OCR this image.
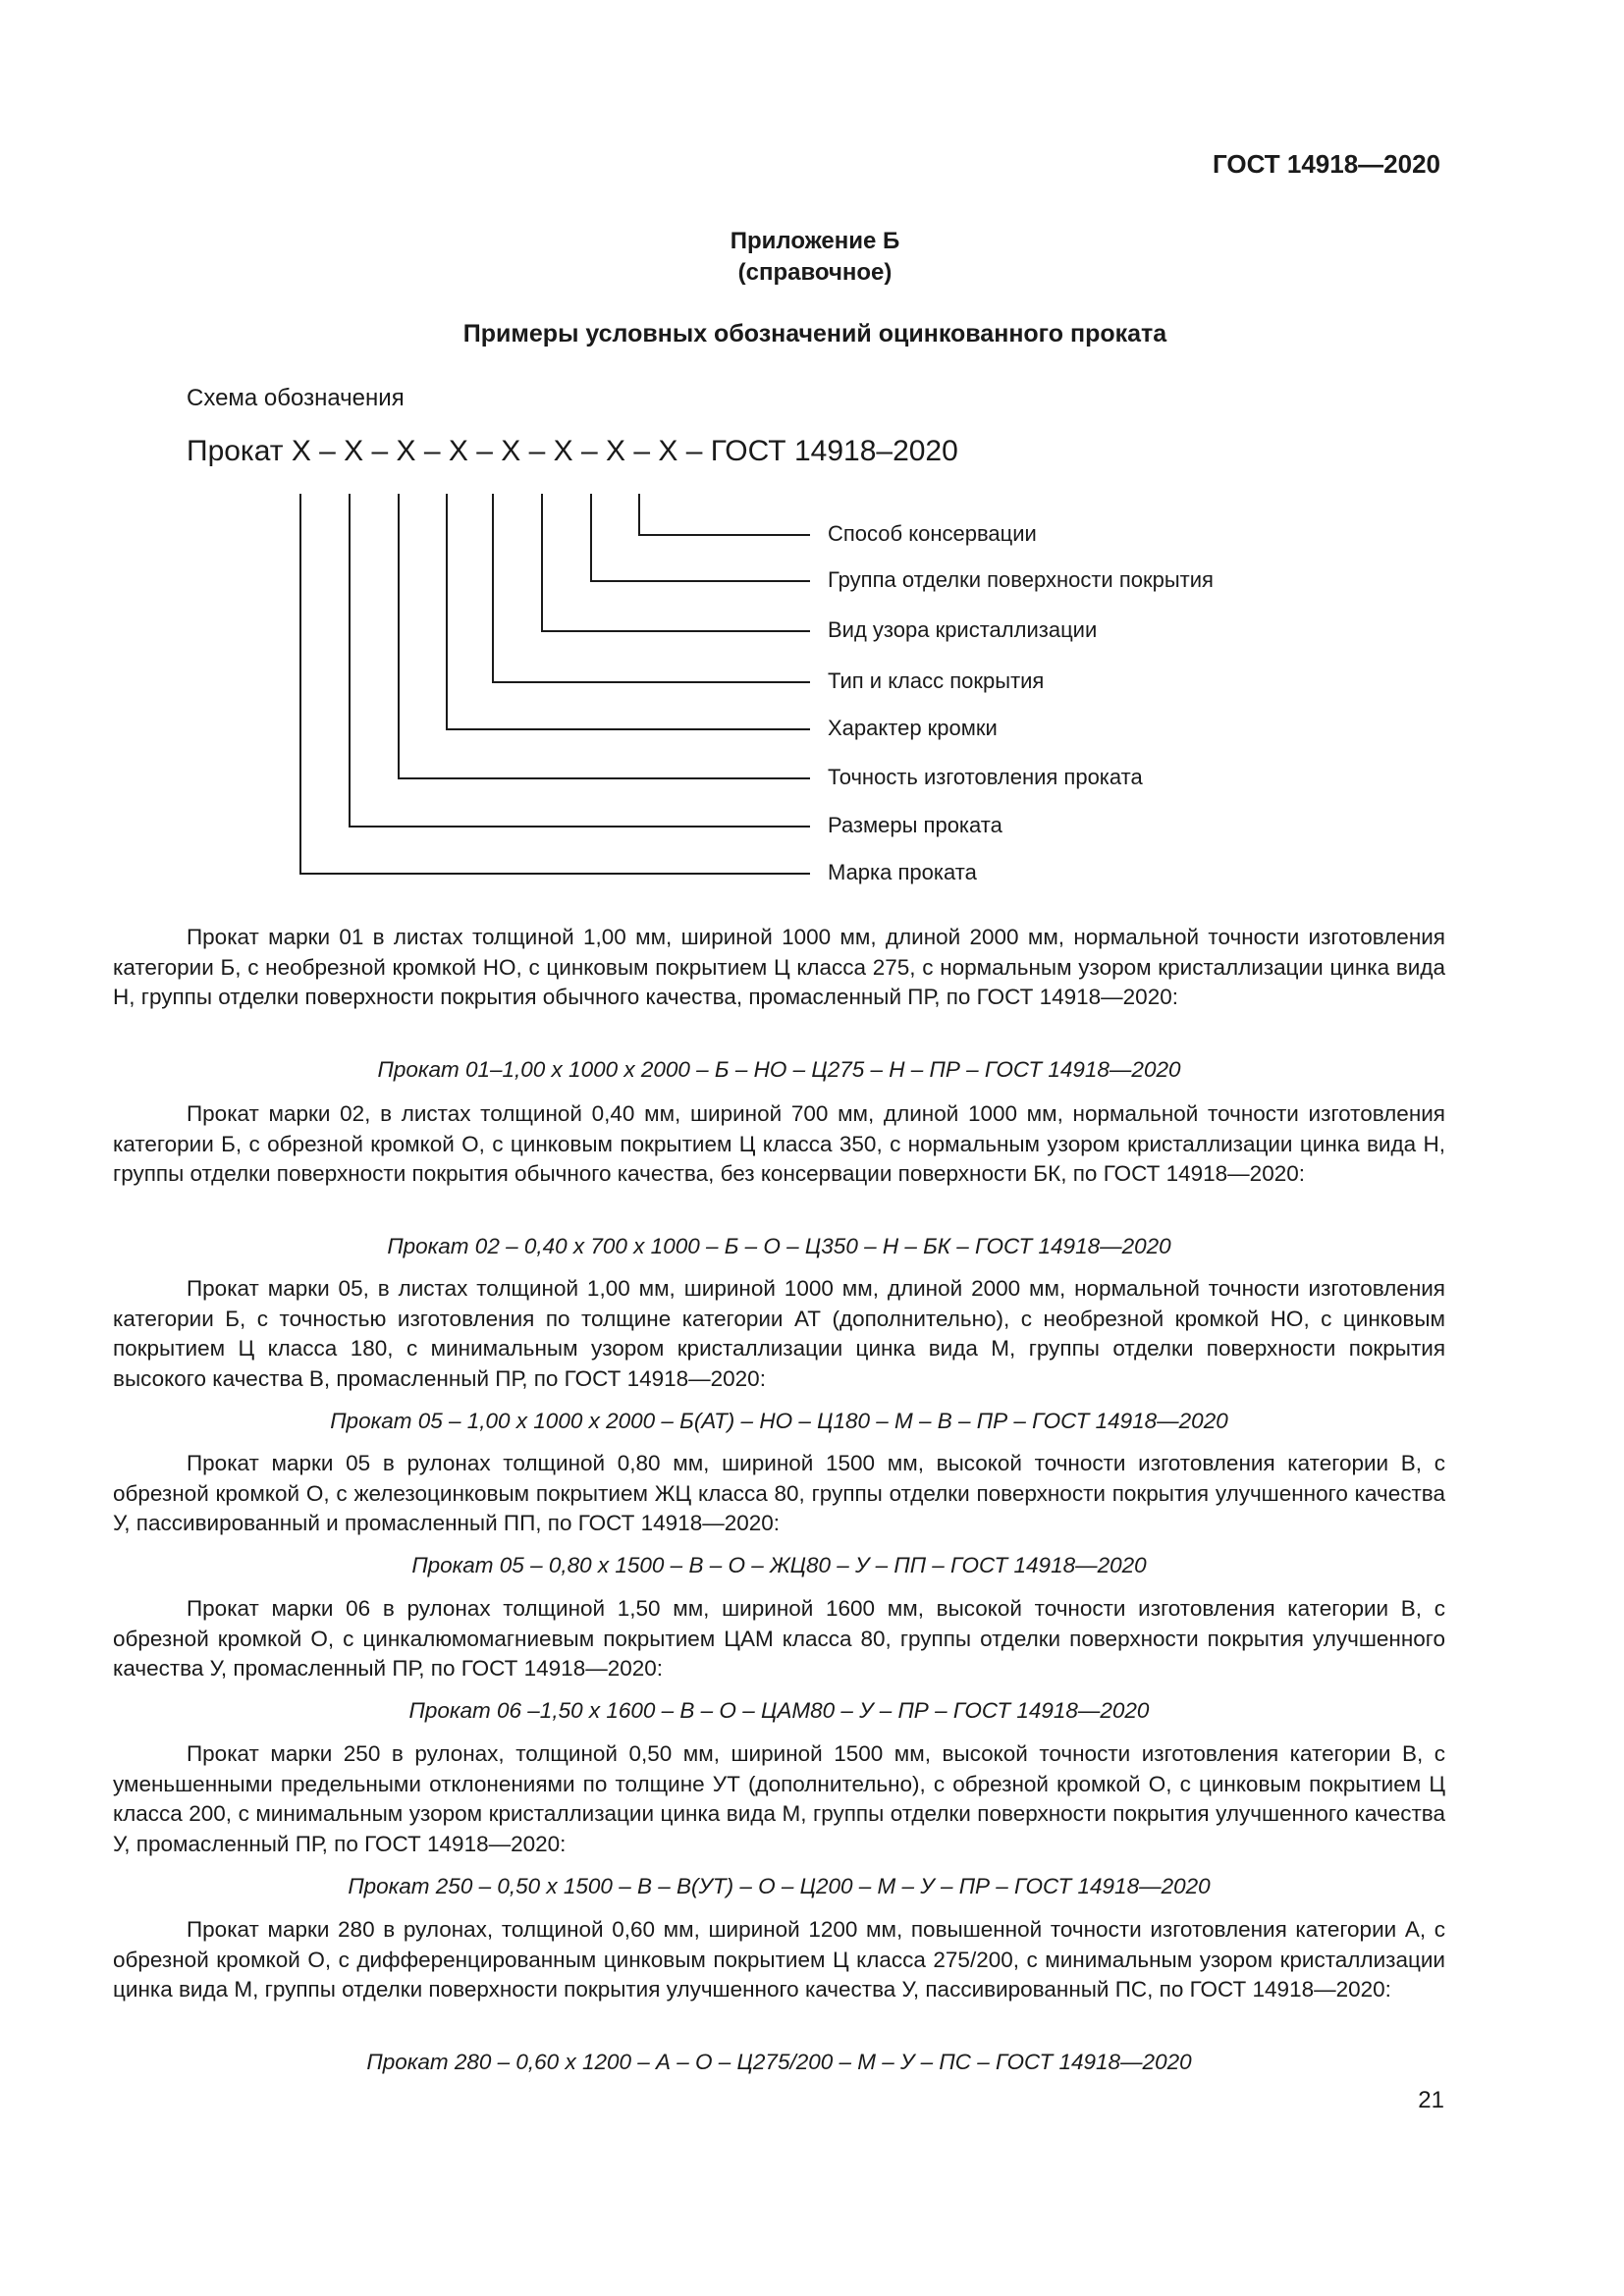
ГОСТ 14918—2020
Приложение Б
(справочное)
Примеры условных обозначений оцинкованного проката
Схема обозначения
Прокат Х – Х – Х – Х – Х – Х – Х – Х – ГОСТ 14918–2020
Способ консервации
Группа отделки поверхности покрытия
Вид узора кристаллизации
Тип и класс покрытия
Характер кромки
Точность изготовления проката
Размеры проката
Марка проката

Прокат марки 01 в листах толщиной 1,00 мм, шириной 1000 мм, длиной 2000 мм, нормальной точности изготовления категории Б, с необрезной кромкой НО, с цинковым покрытием Ц класса 275, с нормальным узором кристаллизации цинка вида Н, группы отделки поверхности покрытия обычного качества, промасленный ПР, по ГОСТ 14918—2020:

Прокат 01–1,00 х 1000 х 2000 – Б – НО – Ц275 – Н – ПР – ГОСТ 14918—2020

Прокат марки 02, в листах толщиной 0,40 мм, шириной 700 мм, длиной 1000 мм, нормальной точности изготовления категории Б, с обрезной кромкой О, с цинковым покрытием Ц класса 350, с нормальным узором кристаллизации цинка вида Н, группы отделки поверхности покрытия обычного качества, без консервации поверхности БК, по ГОСТ 14918—2020:

Прокат 02 – 0,40 х 700 х 1000 – Б – О – Ц350 – Н – БК – ГОСТ 14918—2020

Прокат марки 05, в листах толщиной 1,00 мм, шириной 1000 мм, длиной 2000 мм, нормальной точности изготовления категории Б, с точностью изготовления по толщине категории АТ (дополнительно), с необрезной кромкой НО, с цинковым покрытием Ц класса 180, с минимальным узором кристаллизации цинка вида М, группы отделки поверхности покрытия высокого качества В, промасленный ПР, по ГОСТ 14918—2020:

Прокат 05 – 1,00 х 1000 х 2000 – Б(АТ) – НО – Ц180 – М – В – ПР – ГОСТ 14918—2020

Прокат марки 05 в рулонах толщиной 0,80 мм, шириной 1500 мм, высокой точности изготовления категории В, с обрезной кромкой О, с железоцинковым покрытием ЖЦ класса 80, группы отделки поверхности покрытия улучшенного качества У, пассивированный и промасленный ПП, по ГОСТ 14918—2020:

Прокат 05 – 0,80 х 1500 – В – О – ЖЦ80 – У – ПП – ГОСТ 14918—2020

Прокат марки 06 в рулонах толщиной 1,50 мм, шириной 1600 мм, высокой точности изготовления категории В, с обрезной кромкой О, с цинкалюмомагниевым покрытием ЦАМ класса 80, группы отделки поверхности покрытия улучшенного качества У, промасленный ПР, по ГОСТ 14918—2020:

Прокат 06 –1,50 х 1600 – В – О – ЦАМ80 – У – ПР – ГОСТ 14918—2020

Прокат марки 250 в рулонах, толщиной 0,50 мм, шириной 1500 мм, высокой точности изготовления категории В, с уменьшенными предельными отклонениями по толщине УТ (дополнительно), с обрезной кромкой О, с цинковым покрытием Ц класса 200, с минимальным узором кристаллизации цинка вида М, группы отделки поверхности покрытия улучшенного качества У, промасленный ПР, по ГОСТ 14918—2020:

Прокат 250 – 0,50 х 1500 – В – В(УТ) – О – Ц200 – М – У – ПР – ГОСТ 14918—2020

Прокат марки 280 в рулонах, толщиной 0,60 мм, шириной 1200 мм, повышенной точности изготовления категории А, с обрезной кромкой О, с дифференцированным цинковым покрытием Ц класса 275/200, с минимальным узором кристаллизации цинка вида М, группы отделки поверхности покрытия улучшенного качества У, пассивированный ПС, по ГОСТ 14918—2020:

Прокат 280 – 0,60 х 1200 – А – О – Ц275/200 – М – У – ПС – ГОСТ 14918—2020

21
